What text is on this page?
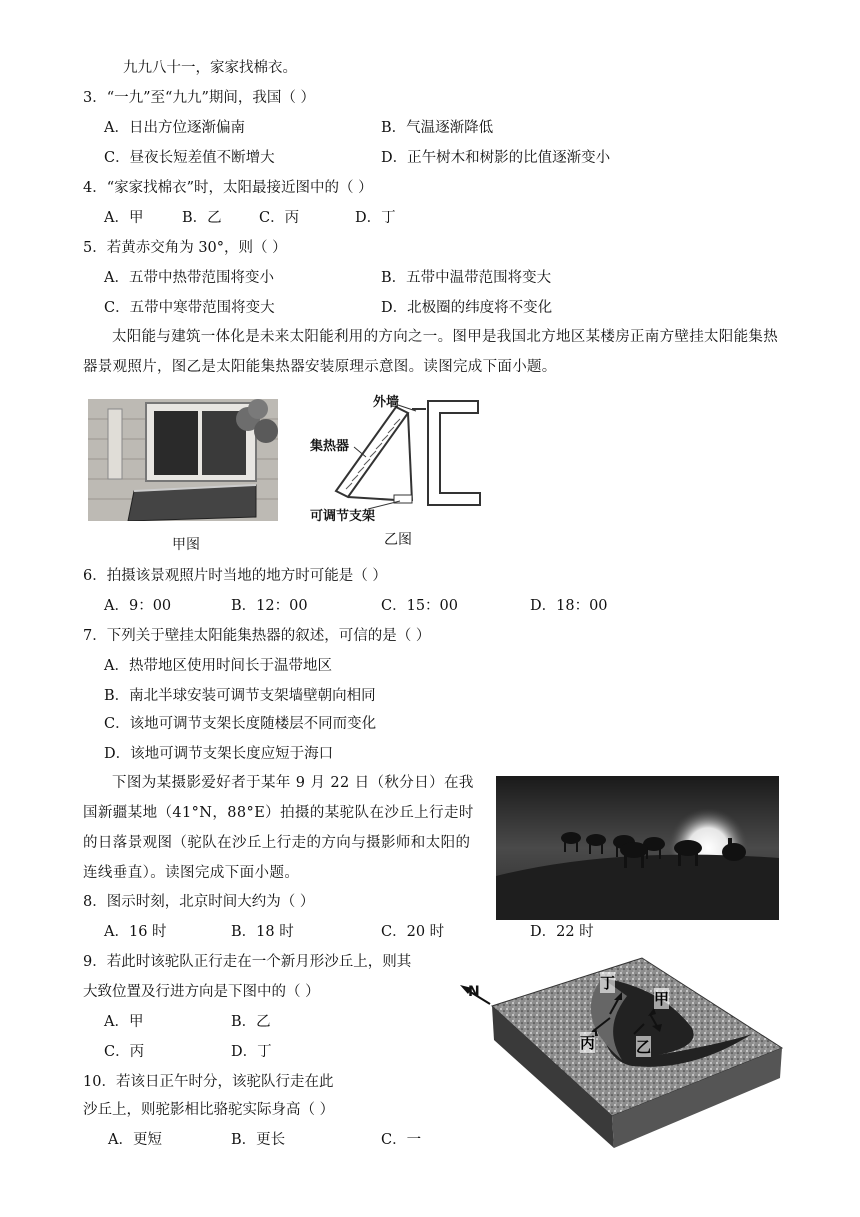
九九八十一，家家找棉衣。
3．“一九”至“九九”期间，我国（ ）
A．日出方位逐渐偏南	B．气温逐渐降低
C．昼夜长短差值不断增大	D．正午树木和树影的比值逐渐变小
4．“家家找棉衣”时，太阳最接近图中的（ ）
A．甲	B．乙	C．丙	D．丁
5．若黄赤交角为 30°，则（ ）
A．五带中热带范围将变小	B．五带中温带范围将变大
C．五带中寒带范围将变大	D．北极圈的纬度将不变化
太阳能与建筑一体化是未来太阳能利用的方向之一。图甲是我国北方地区某楼房正南方壁挂太阳能集热器景观照片，图乙是太阳能集热器安装原理示意图。读图完成下面小题。
甲图
外墙
集热器
可调节支架
乙图
6．拍摄该景观照片时当地的地方时可能是（ ）
A．9：00	B．12：00	C．15：00	D．18：00
7．下列关于壁挂太阳能集热器的叙述，可信的是（ ）
A．热带地区使用时间长于温带地区
B．南北半球安装可调节支架墙壁朝向相同
C．该地可调节支架长度随楼层不同而变化
D．该地可调节支架长度应短于海口
下图为某摄影爱好者于某年 9 月 22 日（秋分日）在我国新疆某地（41°N，88°E）拍摄的某驼队在沙丘上行走时的日落景观图（驼队在沙丘上行走的方向与摄影师和太阳的连线垂直）。读图完成下面小题。
8．图示时刻，北京时间大约为（ ）
A．16 时	B．18 时	C．20 时	D．22 时
9．若此时该驼队正行走在一个新月形沙丘上，则其
大致位置及行进方向是下图中的（ ）
A．甲	B．乙
C．丙	D．丁
N	甲
乙
丙
丁
10．若该日正午时分，该驼队行走在此
沙丘上，则驼影相比骆驼实际身高（ ）
A．更短	B．更长	C．一
